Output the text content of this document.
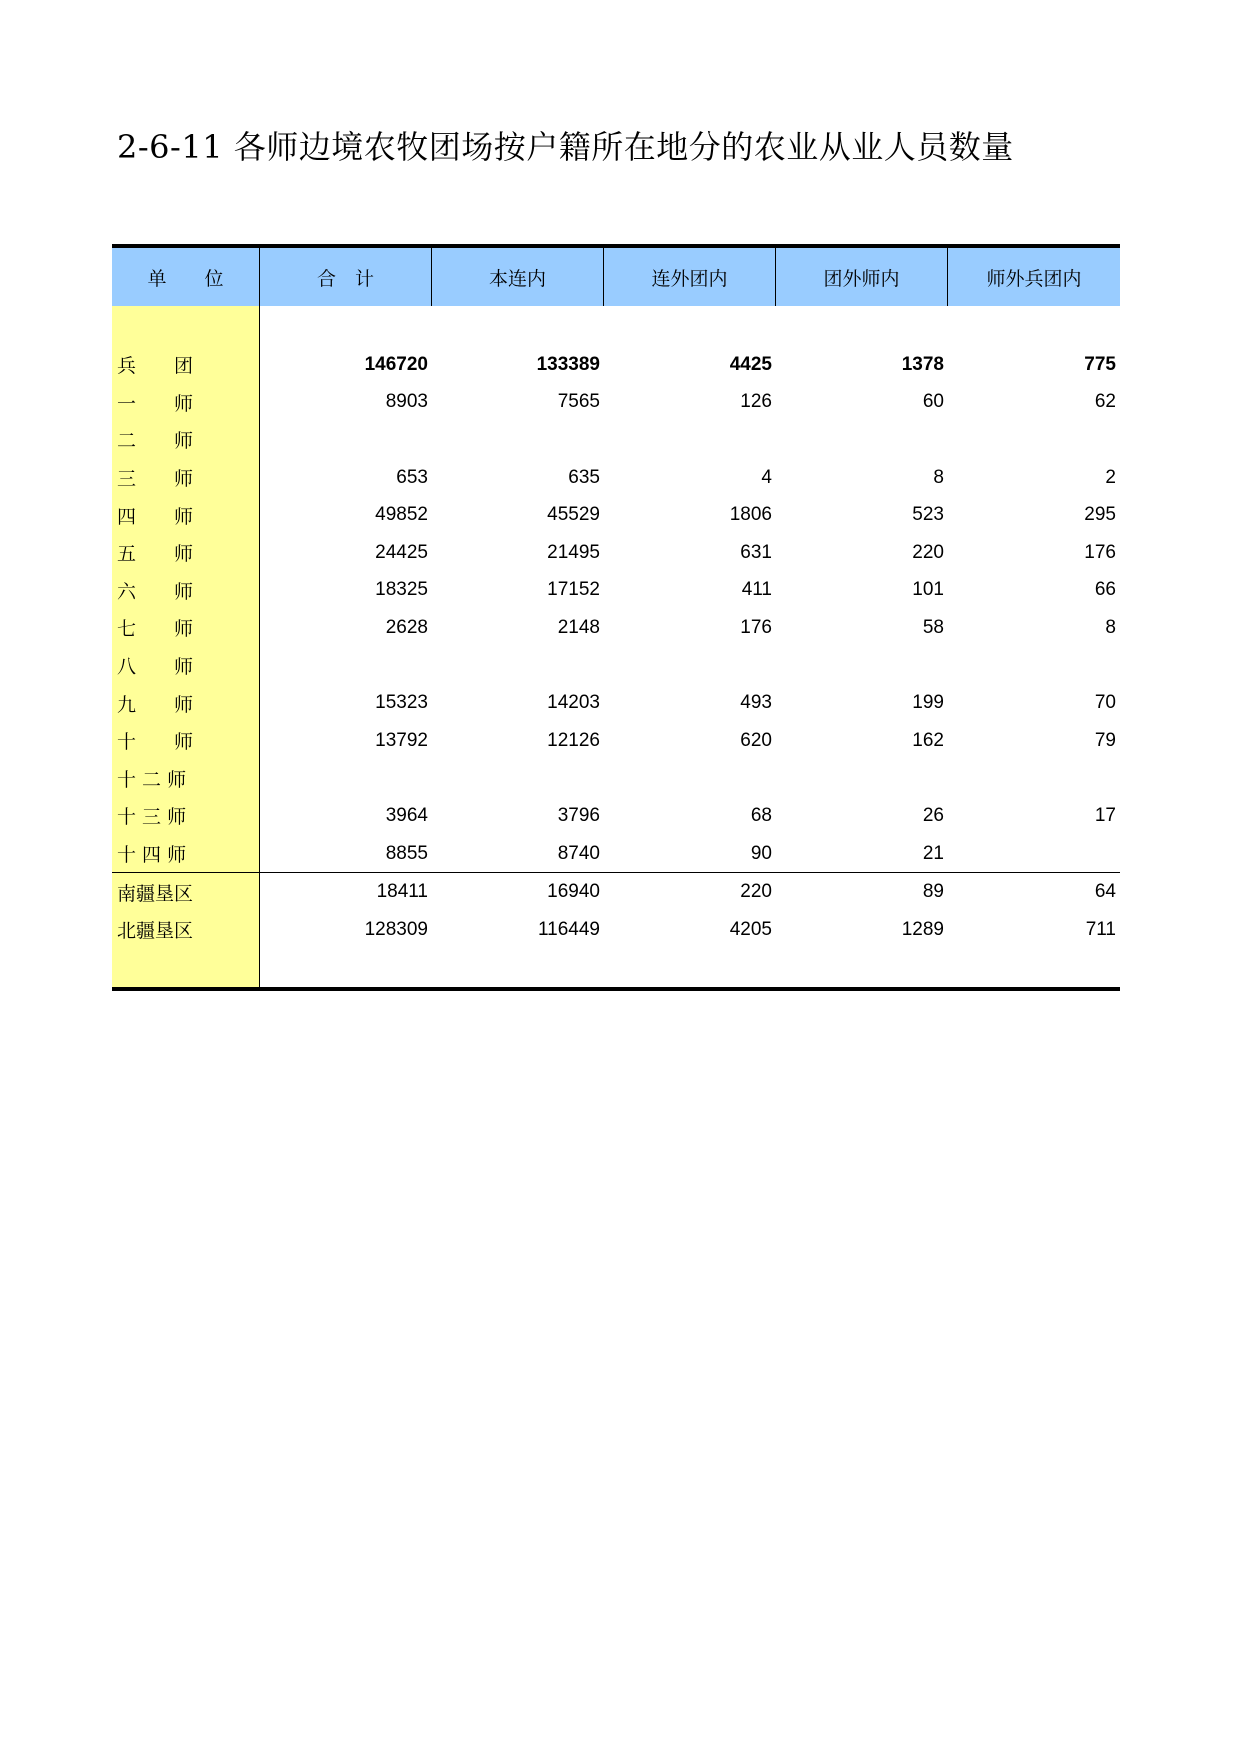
2-6-11 各师边境农牧团场按户籍所在地分的农业从业人员数量
单　　位	合　计	本连内	连外团内	团外师内	师外兵团内
兵　　团	146720	133389	4425	1378	775
一　　师	8903	7565	126	60	62
二　　师
三　　师	653	635	4	8	2
四　　师	49852	45529	1806	523	295
五　　师	24425	21495	631	220	176
六　　师	18325	17152	411	101	66
七　　师	2628	2148	176	58	8
八　　师
九　　师	15323	14203	493	199	70
十　　师	13792	12126	620	162	79
十 二 师
十 三 师	3964	3796	68	26	17
十 四 师	8855	8740	90	21
南疆垦区	18411	16940	220	89	64
北疆垦区	128309	116449	4205	1289	711
